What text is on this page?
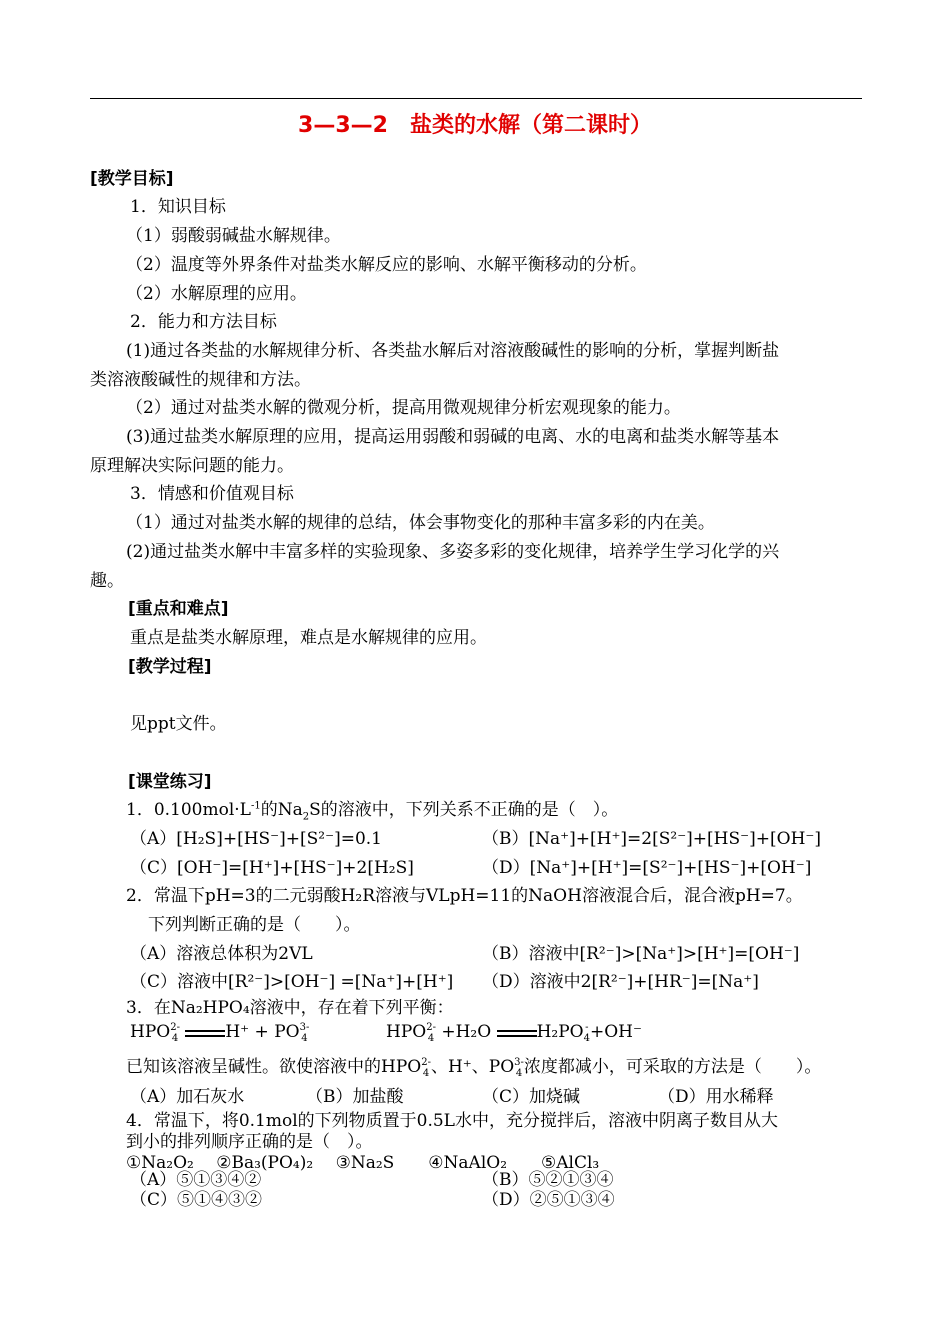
3—3—2　盐类的水解（第二课时）
[教学目标]
1．知识目标
（1）弱酸弱碱盐水解规律。
（2）温度等外界条件对盐类水解反应的影响、水解平衡移动的分析。
（2）水解原理的应用。
2．能力和方法目标
(1)通过各类盐的水解规律分析、各类盐水解后对溶液酸碱性的影响的分析，掌握判断盐
类溶液酸碱性的规律和方法。
（2）通过对盐类水解的微观分析，提高用微观规律分析宏观现象的能力。
(3)通过盐类水解原理的应用，提高运用弱酸和弱碱的电离、水的电离和盐类水解等基本
原理解决实际问题的能力。
3．情感和价值观目标
（1）通过对盐类水解的规律的总结，体会事物变化的那种丰富多彩的内在美。
(2)通过盐类水解中丰富多样的实验现象、多姿多彩的变化规律，培养学生学习化学的兴
趣。
[重点和难点]
重点是盐类水解原理，难点是水解规律的应用。
[教学过程]
见ppt文件。
[课堂练习]
1．$0.100mol\cdot L^{-1}$的$Na_2S$的溶液中，下列关系不正确的是（　）。
（A）[H₂S]+[HS⁻]+[S²⁻]=0.1	（B）[Na⁺]+[H⁺]=2[S²⁻]+[HS⁻]+[OH⁻]
（C）[OH⁻]=[H⁺]+[HS⁻]+2[H₂S]	（D）[Na⁺]+[H⁺]=[S²⁻]+[HS⁻]+[OH⁻]
2．常温下pH=3的二元弱酸H₂R溶液与VLpH=11的NaOH溶液混合后，混合液pH=7。
下列判断正确的是（　　）。
（A）溶液总体积为2VL	（B）溶液中[R²⁻]>[Na⁺]>[H⁺]=[OH⁻]
（C）溶液中[R²⁻]>[OH⁻] =[Na⁺]+[H⁺] （D）溶液中2[R²⁻]+[HR⁻]=[Na⁺]
3．在Na₂HPO₄溶液中，存在着下列平衡：
HPO 2-
4	H⁺ + PO 3-
4	HPO 2-
4 +H₂O	H₂PO -
4 +OH⁻
已知该溶液呈碱性。欲使溶液中的HPO 2-
4 、H⁺、PO 3-
4 浓度都减小，可采取的方法是（　　）。
（A）加石灰水	（B）加盐酸	（C）加烧碱	（D）用水稀释
4．常温下，将0.1mol的下列物质置于0.5L水中，充分搅拌后，溶液中阴离子数目从大
到小的排列顺序正确的是（　）。
①Na₂O₂　 ②Ba₃(PO₄)₂　 ③Na₂S　　④NaAlO₂　　⑤AlCl₃
（A）⑤①③④②	（B）⑤②①③④
（C）⑤①④③②	（D）②⑤①③④
